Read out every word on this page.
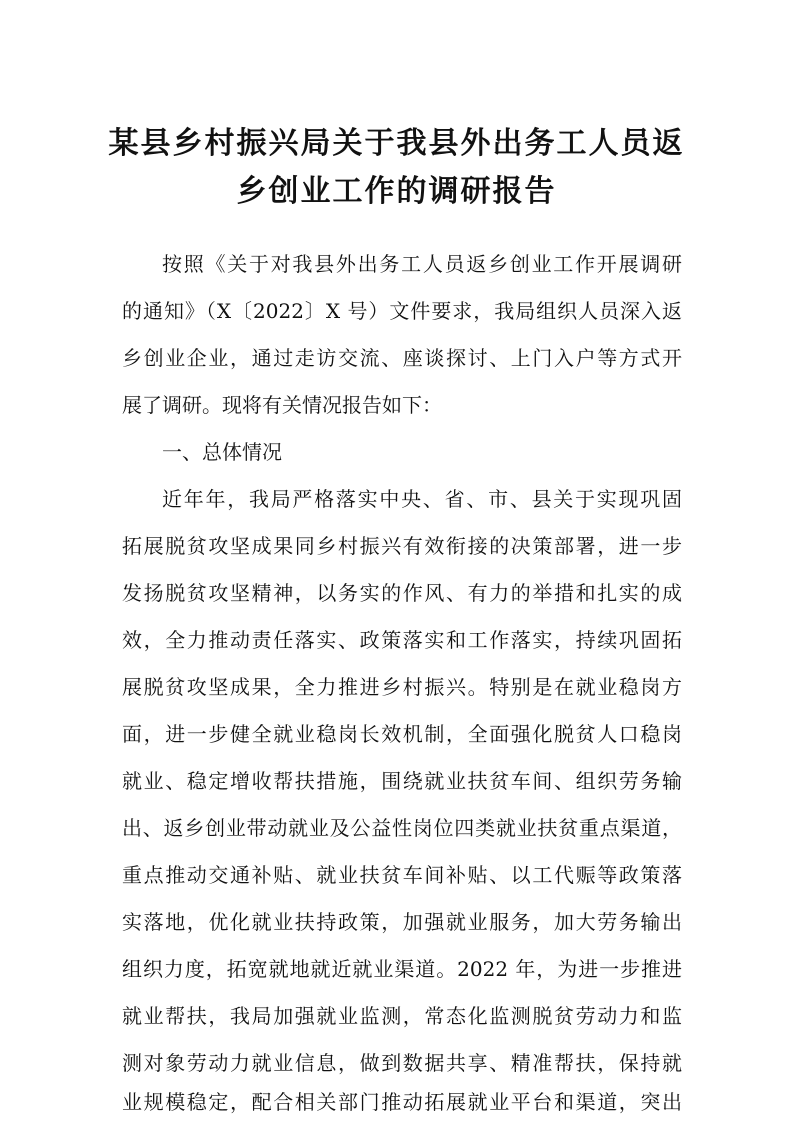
某县乡村振兴局关于我县外出务工人员返
乡创业工作的调研报告
按照《关于对我县外出务工人员返乡创业工作开展调研
的通知》（X〔2022〕X 号）文件要求，我局组织人员深入返
乡创业企业，通过走访交流、座谈探讨、上门入户等方式开
展了调研。现将有关情况报告如下：
一、总体情况
近年年，我局严格落实中央、省、市、县关于实现巩固
拓展脱贫攻坚成果同乡村振兴有效衔接的决策部署，进一步
发扬脱贫攻坚精神，以务实的作风、有力的举措和扎实的成
效，全力推动责任落实、政策落实和工作落实，持续巩固拓
展脱贫攻坚成果，全力推进乡村振兴。特别是在就业稳岗方
面，进一步健全就业稳岗长效机制，全面强化脱贫人口稳岗
就业、稳定增收帮扶措施，围绕就业扶贫车间、组织劳务输
出、返乡创业带动就业及公益性岗位四类就业扶贫重点渠道，
重点推动交通补贴、就业扶贫车间补贴、以工代赈等政策落
实落地，优化就业扶持政策，加强就业服务，加大劳务输出
组织力度，拓宽就地就近就业渠道。2022 年，为进一步推进
就业帮扶，我局加强就业监测，常态化监测脱贫劳动力和监
测对象劳动力就业信息，做到数据共享、精准帮扶，保持就
业规模稳定，配合相关部门推动拓展就业平台和渠道，突出
